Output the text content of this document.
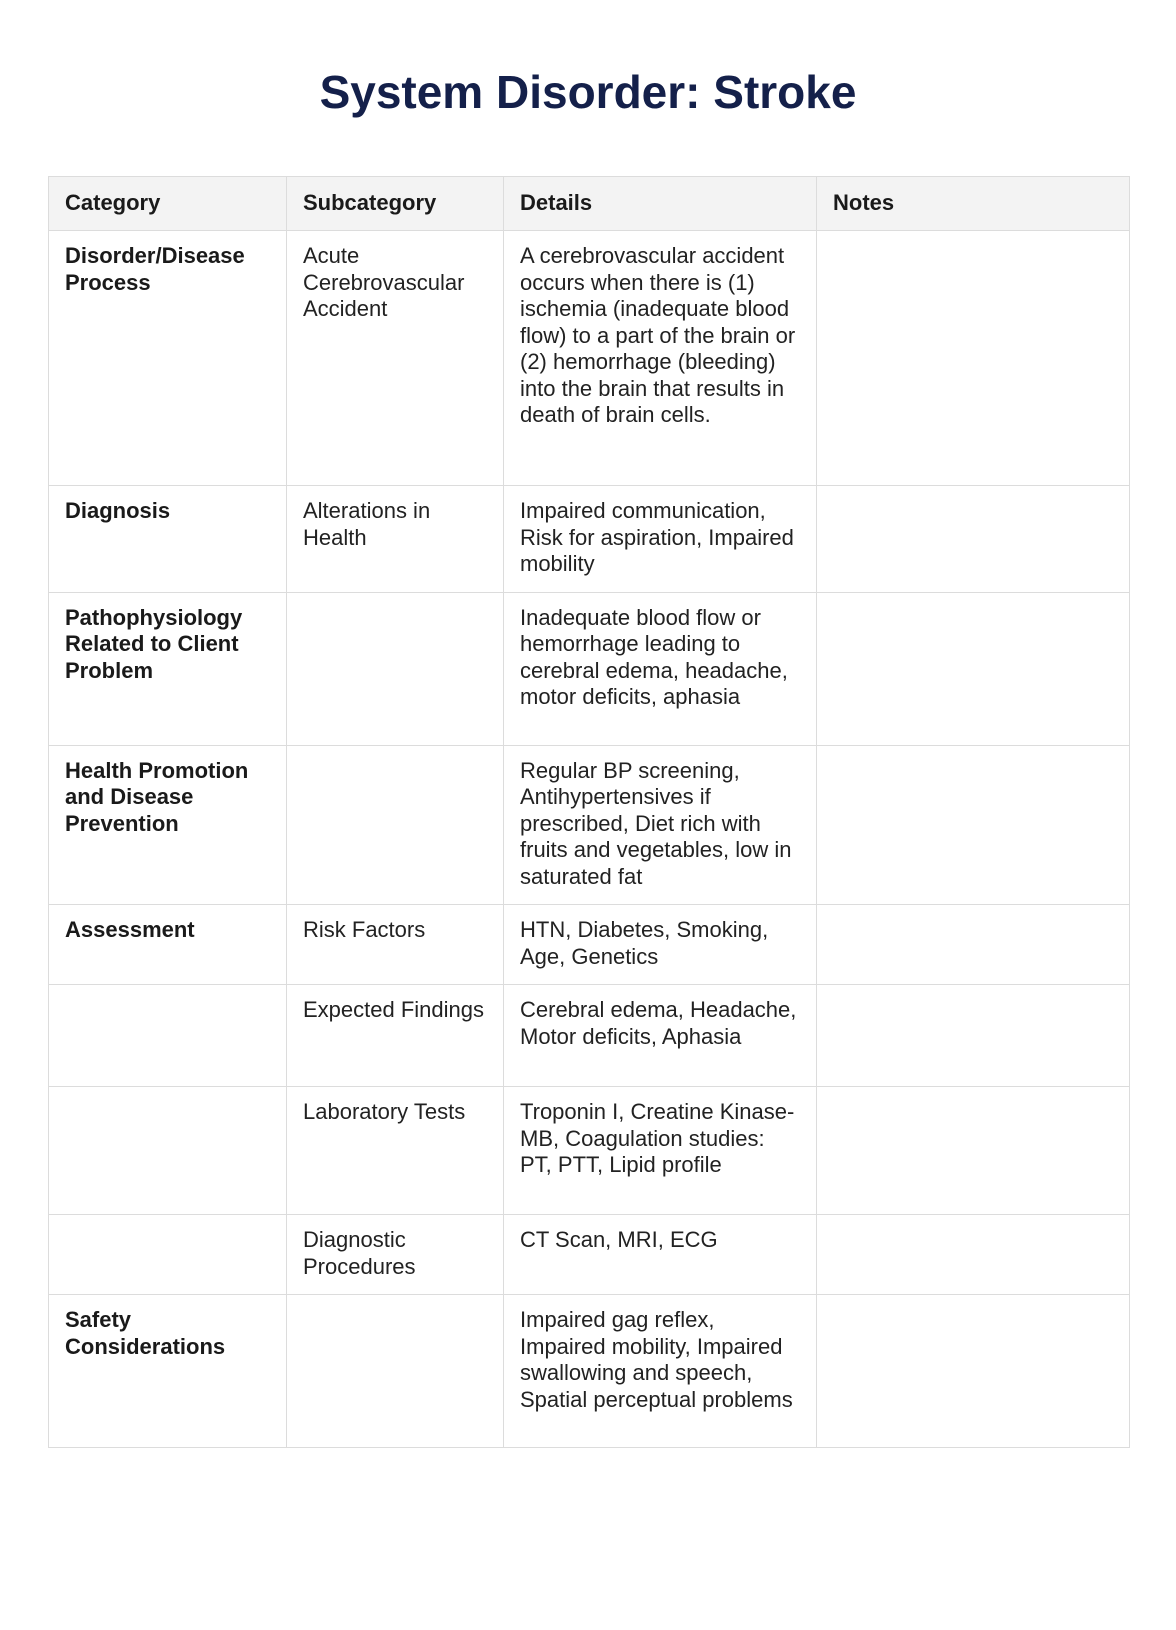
System Disorder: Stroke
Category	Subcategory	Details	Notes
Disorder/Disease Process	Acute Cerebrovascular Accident	A cerebrovascular accident occurs when there is (1) ischemia (inadequate blood flow) to a part of the brain or (2) hemorrhage (bleeding) into the brain that results in death of brain cells.	
Diagnosis	Alterations in Health	Impaired communication, Risk for aspiration, Impaired mobility	
Pathophysiology Related to Client Problem		Inadequate blood flow or hemorrhage leading to cerebral edema, headache, motor deficits, aphasia	
Health Promotion and Disease Prevention		Regular BP screening, Antihypertensives if prescribed, Diet rich with fruits and vegetables, low in saturated fat	
Assessment	Risk Factors	HTN, Diabetes, Smoking, Age, Genetics	
	Expected Findings	Cerebral edema, Headache, Motor deficits, Aphasia	
	Laboratory Tests	Troponin I, Creatine Kinase-MB, Coagulation studies: PT, PTT, Lipid profile	
	Diagnostic Procedures	CT Scan, MRI, ECG	
Safety Considerations		Impaired gag reflex, Impaired mobility, Impaired swallowing and speech, Spatial perceptual problems	
